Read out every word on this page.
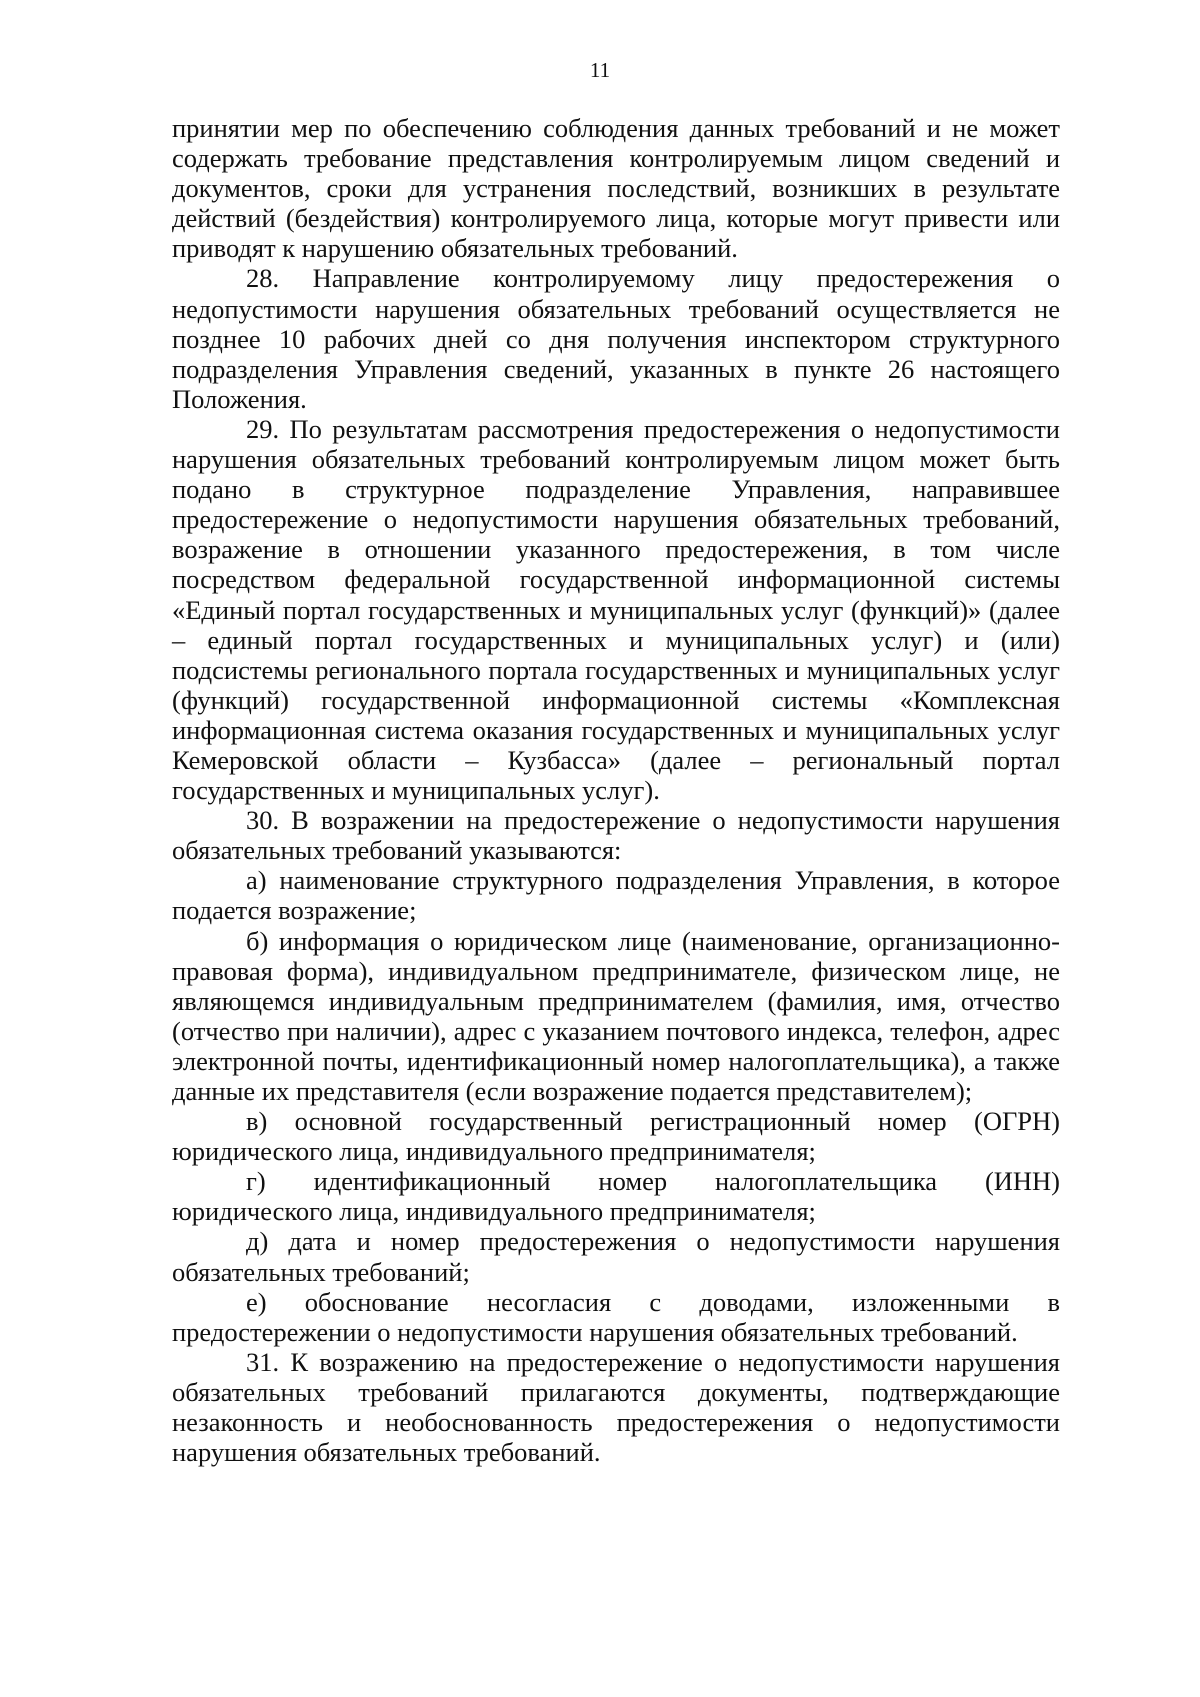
11

принятии мер по обеспечению соблюдения данных требований и не может содержать требование представления контролируемым лицом сведений и документов, сроки для устранения последствий, возникших в результате действий (бездействия) контролируемого лица, которые могут привести или приводят к нарушению обязательных требований.

28. Направление контролируемому лицу предостережения о недопустимости нарушения обязательных требований осуществляется не позднее 10 рабочих дней со дня получения инспектором структурного подразделения Управления сведений, указанных в пункте 26 настоящего Положения.

29. По результатам рассмотрения предостережения о недопустимости нарушения обязательных требований контролируемым лицом может быть подано в структурное подразделение Управления, направившее предостережение о недопустимости нарушения обязательных требований, возражение в отношении указанного предостережения, в том числе посредством федеральной государственной информационной системы «Единый портал государственных и муниципальных услуг (функций)» (далее – единый портал государственных и муниципальных услуг) и (или) подсистемы регионального портала государственных и муниципальных услуг (функций) государственной информационной системы «Комплексная информационная система оказания государственных и муниципальных услуг Кемеровской области – Кузбасса» (далее – региональный портал государственных и муниципальных услуг).

30. В возражении на предостережение о недопустимости нарушения обязательных требований указываются:

а) наименование структурного подразделения Управления, в которое подается возражение;

б) информация о юридическом лице (наименование, организационно-правовая форма), индивидуальном предпринимателе, физическом лице, не являющемся индивидуальным предпринимателем (фамилия, имя, отчество (отчество при наличии), адрес с указанием почтового индекса, телефон, адрес электронной почты, идентификационный номер налогоплательщика), а также данные их представителя (если возражение подается представителем);

в) основной государственный регистрационный номер (ОГРН) юридического лица, индивидуального предпринимателя;

г) идентификационный номер налогоплательщика (ИНН) юридического лица, индивидуального предпринимателя;

д) дата и номер предостережения о недопустимости нарушения обязательных требований;

е) обоснование несогласия с доводами, изложенными в предостережении о недопустимости нарушения обязательных требований.

31. К возражению на предостережение о недопустимости нарушения обязательных требований прилагаются документы, подтверждающие незаконность и необоснованность предостережения о недопустимости нарушения обязательных требований.
